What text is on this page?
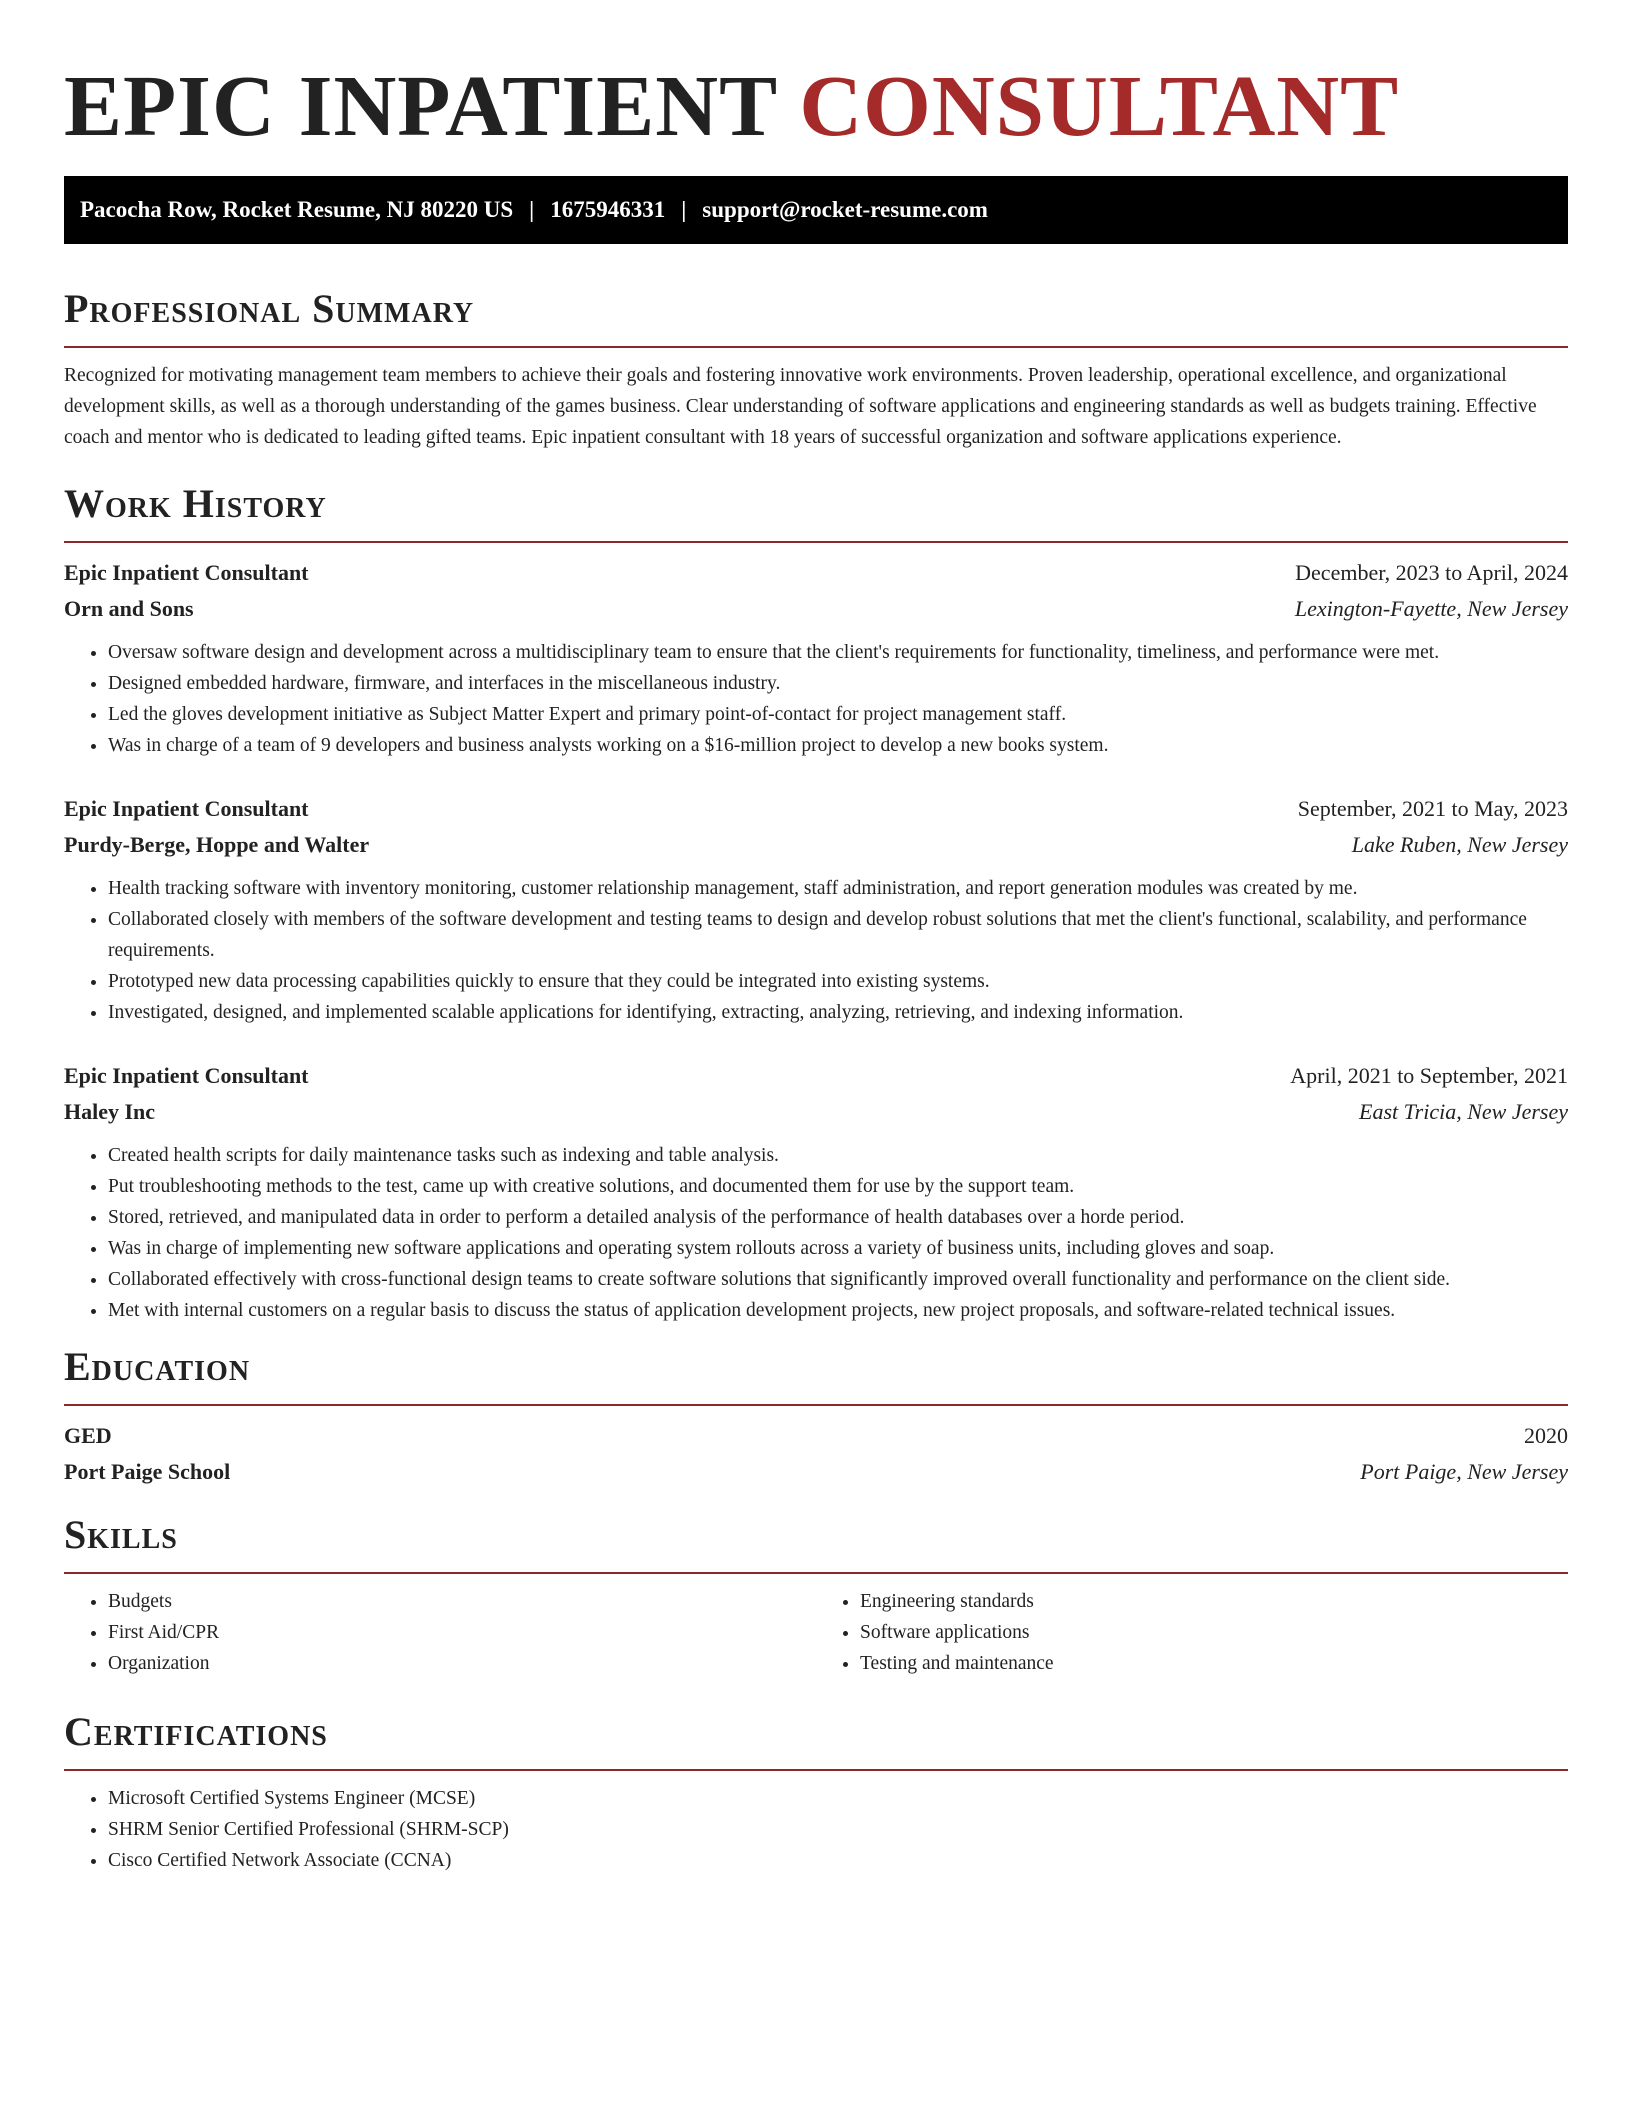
EPIC INPATIENT CONSULTANT
Pacocha Row, Rocket Resume, NJ 80220 US | 1675946331 | support@rocket-resume.com
Professional Summary

Recognized for motivating management team members to achieve their goals and fostering innovative work environments. Proven leadership, operational excellence, and organizational development skills, as well as a thorough understanding of the games business. Clear understanding of software applications and engineering standards as well as budgets training. Effective coach and mentor who is dedicated to leading gifted teams. Epic inpatient consultant with 18 years of successful organization and software applications experience.

Work History
Epic Inpatient Consultant	December, 2023 to April, 2024
Orn and Sons	Lexington-Fayette, New Jersey
• Oversaw software design and development across a multidisciplinary team to ensure that the client's requirements for functionality, timeliness, and performance were met.
• Designed embedded hardware, firmware, and interfaces in the miscellaneous industry.
• Led the gloves development initiative as Subject Matter Expert and primary point-of-contact for project management staff.
• Was in charge of a team of 9 developers and business analysts working on a $16-million project to develop a new books system.
Epic Inpatient Consultant	September, 2021 to May, 2023
Purdy-Berge, Hoppe and Walter	Lake Ruben, New Jersey
• Health tracking software with inventory monitoring, customer relationship management, staff administration, and report generation modules was created by me.
• Collaborated closely with members of the software development and testing teams to design and develop robust solutions that met the client's functional, scalability, and performance requirements.
• Prototyped new data processing capabilities quickly to ensure that they could be integrated into existing systems.
• Investigated, designed, and implemented scalable applications for identifying, extracting, analyzing, retrieving, and indexing information.
Epic Inpatient Consultant	April, 2021 to September, 2021
Haley Inc	East Tricia, New Jersey
• Created health scripts for daily maintenance tasks such as indexing and table analysis.
• Put troubleshooting methods to the test, came up with creative solutions, and documented them for use by the support team.
• Stored, retrieved, and manipulated data in order to perform a detailed analysis of the performance of health databases over a horde period.
• Was in charge of implementing new software applications and operating system rollouts across a variety of business units, including gloves and soap.
• Collaborated effectively with cross-functional design teams to create software solutions that significantly improved overall functionality and performance on the client side.
• Met with internal customers on a regular basis to discuss the status of application development projects, new project proposals, and software-related technical issues.
Education
GED	2020
Port Paige School	Port Paige, New Jersey
Skills
• Budgets
• First Aid/CPR
• Organization
• Engineering standards
• Software applications
• Testing and maintenance
Certifications
• Microsoft Certified Systems Engineer (MCSE)
• SHRM Senior Certified Professional (SHRM-SCP)
• Cisco Certified Network Associate (CCNA)
